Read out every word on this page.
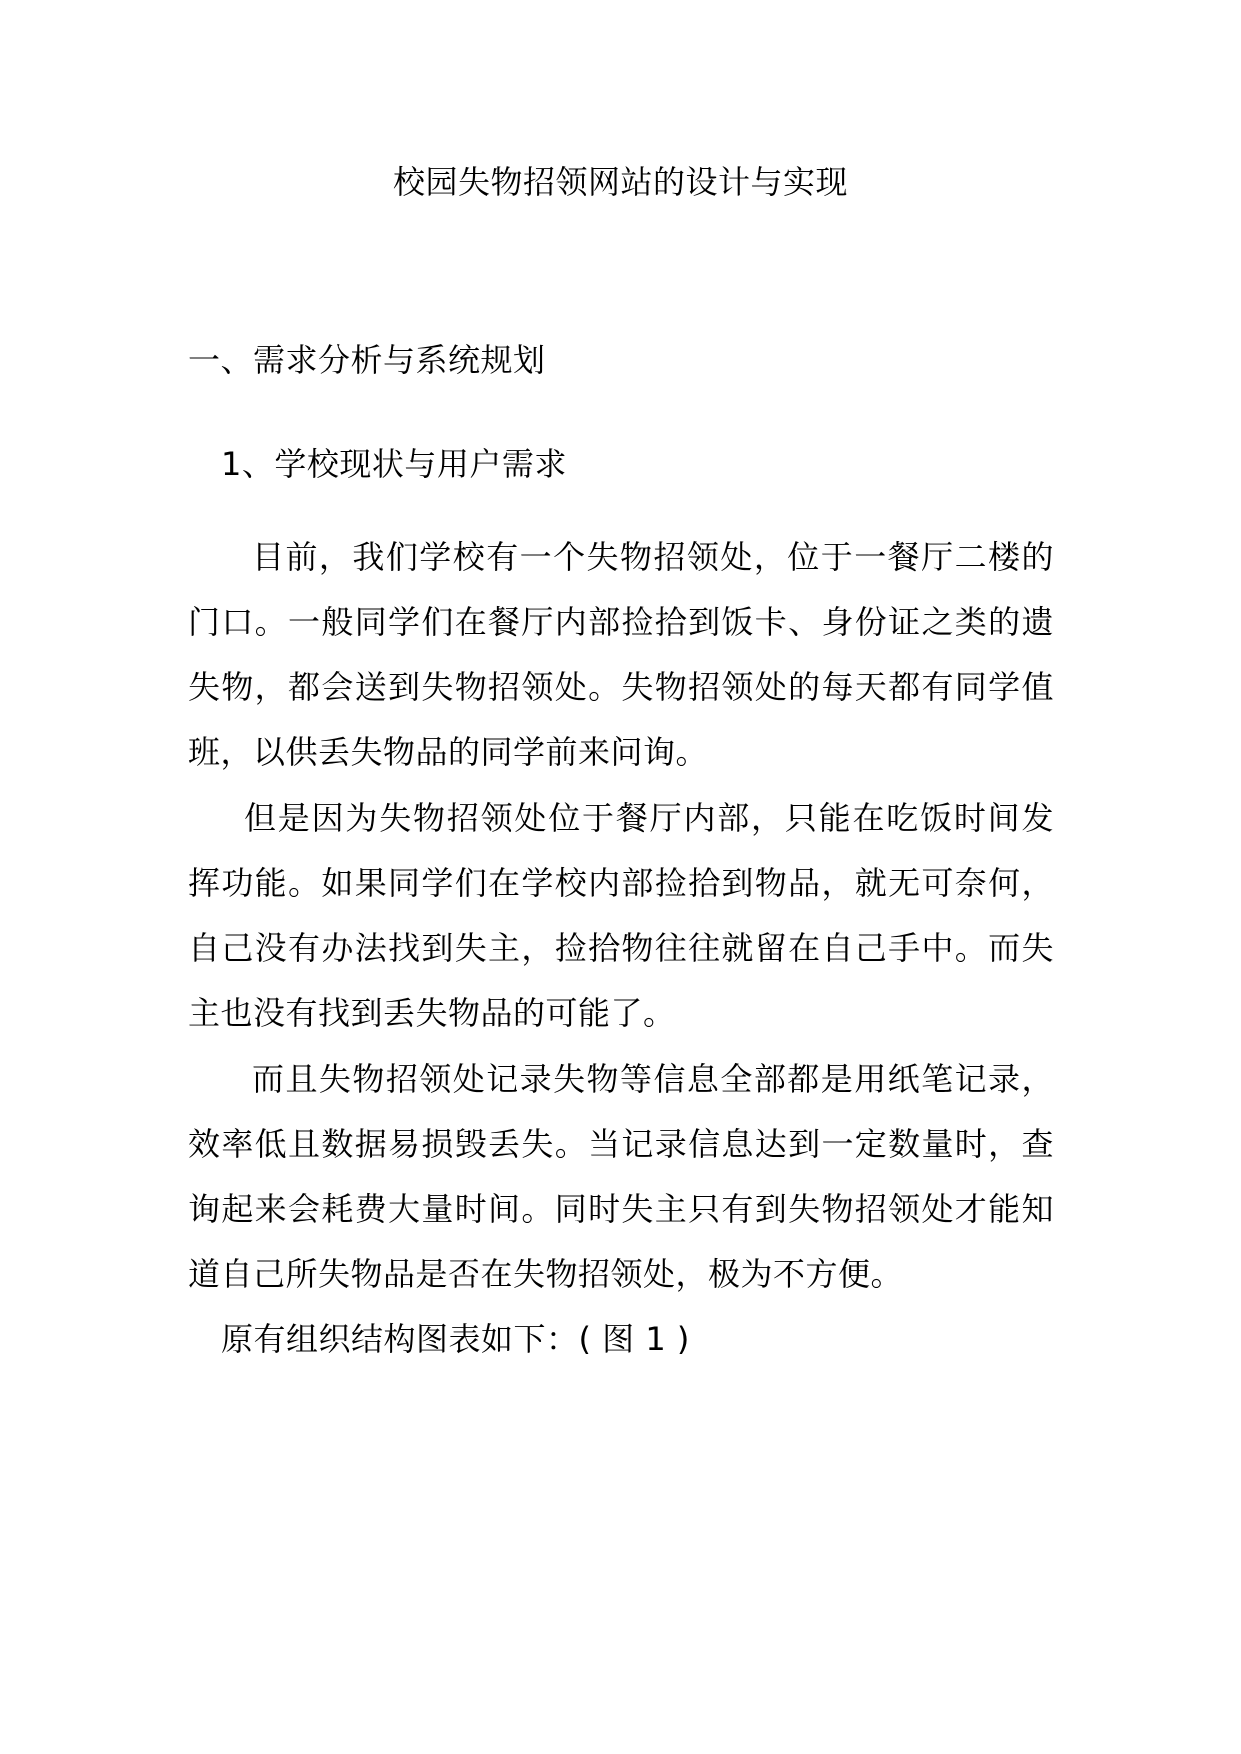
校园失物招领网站的设计与实现
一、需求分析与系统规划
1、学校现状与用户需求

目前，我们学校有一个失物招领处，位于一餐厅二楼的门口。一般同学们在餐厅内部捡拾到饭卡、身份证之类的遗失物，都会送到失物招领处。失物招领处的每天都有同学值班，以供丢失物品的同学前来问询。

但是因为失物招领处位于餐厅内部，只能在吃饭时间发挥功能。如果同学们在学校内部捡拾到物品，就无可奈何，自己没有办法找到失主，捡拾物往往就留在自己手中。而失主也没有找到丢失物品的可能了。

而且失物招领处记录失物等信息全部都是用纸笔记录，效率低且数据易损毁丢失。当记录信息达到一定数量时，查询起来会耗费大量时间。同时失主只有到失物招领处才能知道自己所失物品是否在失物招领处，极为不方便。

原有组织结构图表如下：( 图 1 )
